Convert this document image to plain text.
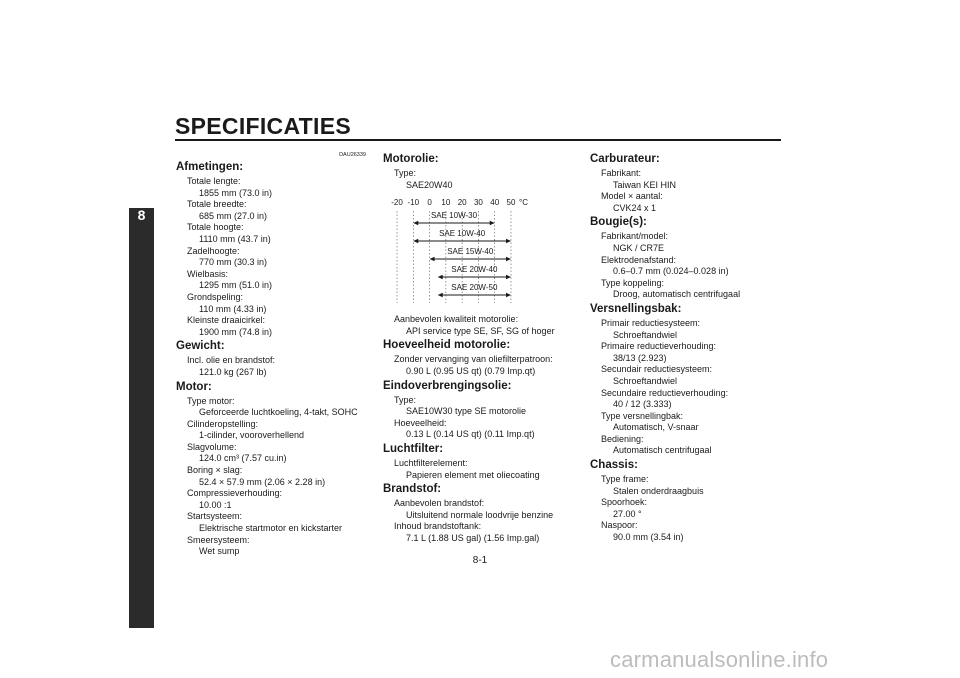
SPECIFICATIES
8
DAU26339
Afmetingen:
Totale lengte:
1855 mm (73.0 in)
Totale breedte:
685 mm (27.0 in)
Totale hoogte:
1110 mm (43.7 in)
Zadelhoogte:
770 mm (30.3 in)
Wielbasis:
1295 mm (51.0 in)
Grondspeling:
110 mm (4.33 in)
Kleinste draaicirkel:
1900 mm (74.8 in)
Gewicht:
Incl. olie en brandstof:
121.0 kg (267 lb)
Motor:
Type motor:
Geforceerde luchtkoeling, 4-takt, SOHC
Cilinderopstelling:
1-cilinder, vooroverhellend
Slagvolume:
124.0 cm³ (7.57 cu.in)
Boring × slag:
52.4 × 57.9 mm (2.06 × 2.28 in)
Compressieverhouding:
10.00 :1
Startsysteem:
Elektrische startmotor en kickstarter
Smeersysteem:
Wet sump
Motorolie:
Type:
SAE20W40
-20 -10 0 10 20 30 40 50 °C
SAE 10W-30
SAE 10W-40
SAE 15W-40
SAE 20W-40
SAE 20W-50
Aanbevolen kwaliteit motorolie:
API service type SE, SF, SG of hoger
Hoeveelheid motorolie:
Zonder vervanging van oliefilterpatroon:
0.90 L (0.95 US qt) (0.79 Imp.qt)
Eindoverbrengingsolie:
Type:
SAE10W30 type SE motorolie
Hoeveelheid:
0.13 L (0.14 US qt) (0.11 Imp.qt)
Luchtfilter:
Luchtfilterelement:
Papieren element met oliecoating
Brandstof:
Aanbevolen brandstof:
Uitsluitend normale loodvrije benzine
Inhoud brandstoftank:
7.1 L (1.88 US gal) (1.56 Imp.gal)
Carburateur:
Fabrikant:
Taiwan KEI HIN
Model × aantal:
CVK24 x 1
Bougie(s):
Fabrikant/model:
NGK / CR7E
Elektrodenafstand:
0.6–0.7 mm (0.024–0.028 in)
Type koppeling:
Droog, automatisch centrifugaal
Versnellingsbak:
Primair reductiesysteem:
Schroeftandwiel
Primaire reductieverhouding:
38/13 (2.923)
Secundair reductiesysteem:
Schroeftandwiel
Secundaire reductieverhouding:
40 / 12 (3.333)
Type versnellingbak:
Automatisch, V-snaar
Bediening:
Automatisch centrifugaal
Chassis:
Type frame:
Stalen onderdraagbuis
Spoorhoek:
27.00 °
Naspoor:
90.0 mm (3.54 in)
8-1
carmanualsonline.info
